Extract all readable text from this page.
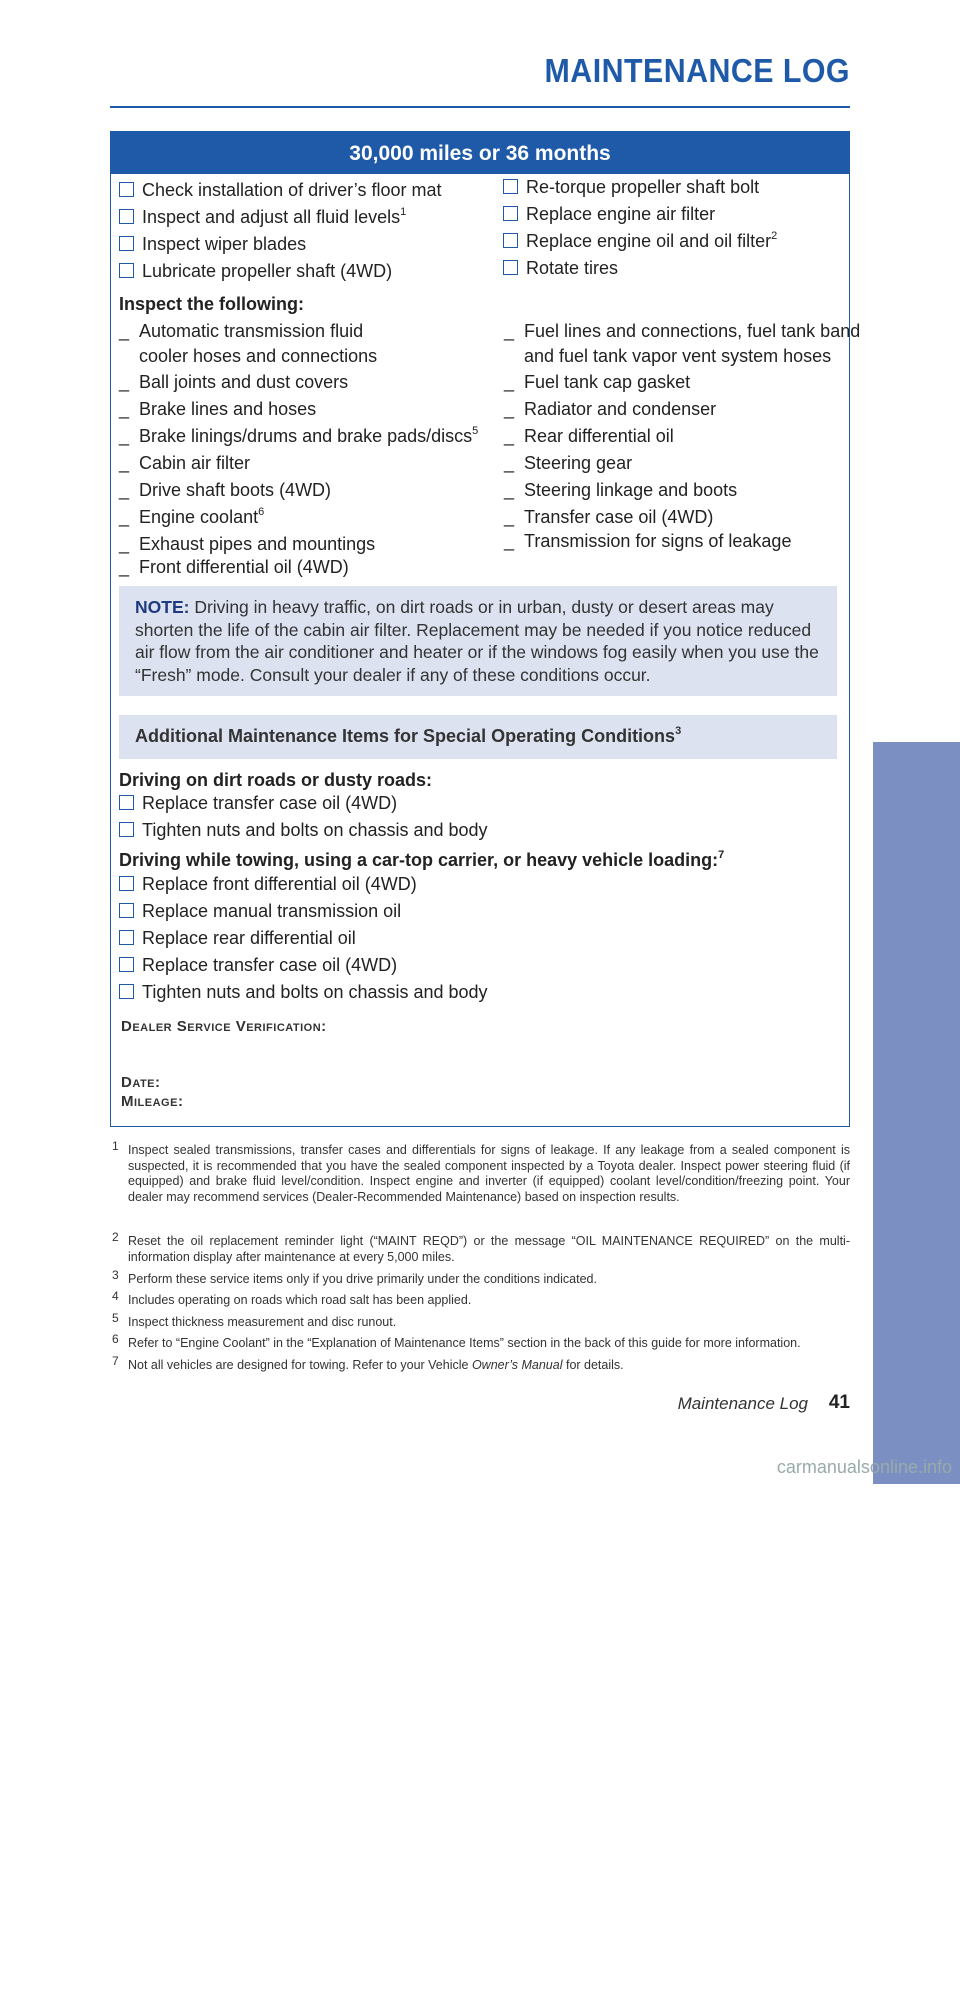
MAINTENANCE LOG
MAINTENANCE
30,000 miles or 36 months
Check installation of driver’s floor mat
Inspect and adjust all fluid levels$^1$
Inspect wiper blades
Lubricate propeller shaft (4WD)
Re-torque propeller shaft bolt
Replace engine air filter
Replace engine oil and oil filter$^2$
Rotate tires
Inspect the following:
_ Automatic transmission fluid
cooler hoses and connections
_ Ball joints and dust covers
_ Brake lines and hoses
_ Brake linings/drums and brake pads/discs$^5$
_ Cabin air filter
_ Drive shaft boots (4WD)
_ Engine coolant$^6$
_ Exhaust pipes and mountings
_ Front differential oil (4WD)
_ Fuel lines and connections, fuel tank band
and fuel tank vapor vent system hoses
_ Fuel tank cap gasket
_ Radiator and condenser
_ Rear differential oil
_ Steering gear
_ Steering linkage and boots
_ Transfer case oil (4WD)
_ Transmission for signs of leakage
NOTE: Driving in heavy traffic, on dirt roads or in urban, dusty or desert areas may shorten the life of the cabin air filter. Replacement may be needed if you notice reduced air flow from the air conditioner and heater or if the windows fog easily when you use the “Fresh” mode. Consult your dealer if any of these conditions occur.
Additional Maintenance Items for Special Operating Conditions$^3$
Driving on dirt roads or dusty roads:
Replace transfer case oil (4WD)
Tighten nuts and bolts on chassis and body
Driving while towing, using a car-top carrier, or heavy vehicle loading:$^7$
Replace front differential oil (4WD)
Replace manual transmission oil
Replace rear differential oil
Replace transfer case oil (4WD)
Tighten nuts and bolts on chassis and body
Dealer Service Verification:
Date:
Mileage:
1 Inspect sealed transmissions, transfer cases and differentials for signs of leakage. If any leakage from a sealed component is suspected, it is recommended that you have the sealed component inspected by a Toyota dealer. Inspect power steering fluid (if equipped) and brake fluid level/condition. Inspect engine and inverter (if equipped) coolant level/condition/freezing point. Your dealer may recommend services (Dealer-Recommended Maintenance) based on inspection results.
2 Reset the oil replacement reminder light (“MAINT REQD”) or the message “OIL MAINTENANCE REQUIRED” on the multi-information display after maintenance at every 5,000 miles.
3 Perform these service items only if you drive primarily under the conditions indicated.
4 Includes operating on roads which road salt has been applied.
5 Inspect thickness measurement and disc runout.
6 Refer to “Engine Coolant” in the “Explanation of Maintenance Items” section in the back of this guide for more information.
7 Not all vehicles are designed for towing. Refer to your Vehicle Owner’s Manual for details.
Maintenance Log 41
carmanualsonline.info
